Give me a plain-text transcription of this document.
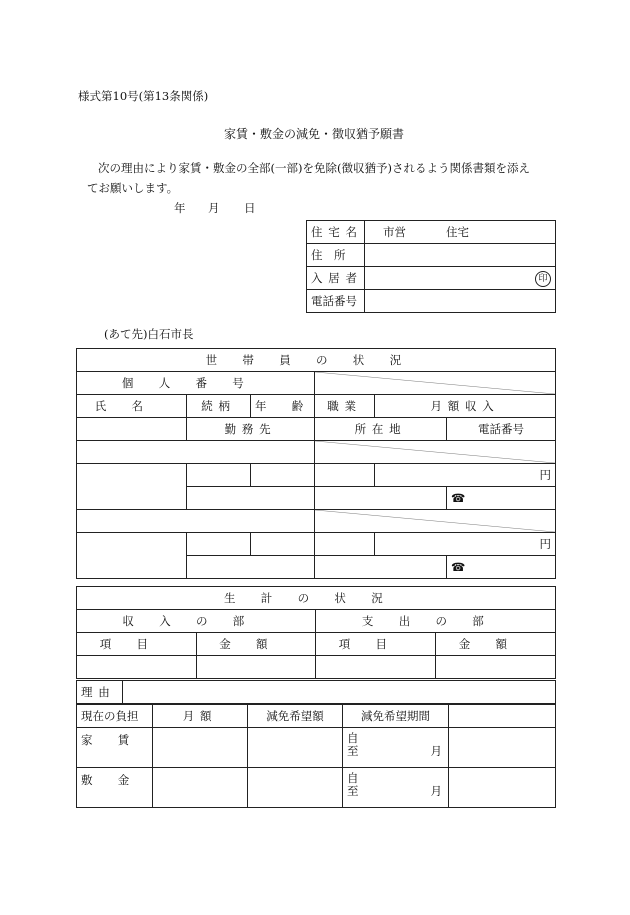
様式第10号(第13条関係)
家賃・敷金の減免・徴収猶予願書
次の理由により家賃・敷金の全部(一部)を免除(徴収猶予)されるよう関係書類を添え
てお願いします。
年 月 日
住宅名	市営 住宅
住　所	
入居者	印
電話番号	
(あて先)白石市長
世帯員の状況					
個人番号	

氏名	続柄	年齢	職業	月額収入	
	勤務先		所在地		電話番号

				円	
					☎

				円	
					☎
生計の状況			
収入の部		支出の部	
項目	金額	項目	金額

理由	
現在の負担	月額	減免希望額	減免希望期間	
家賃			自
至 月	
敷金			自
至 月	
